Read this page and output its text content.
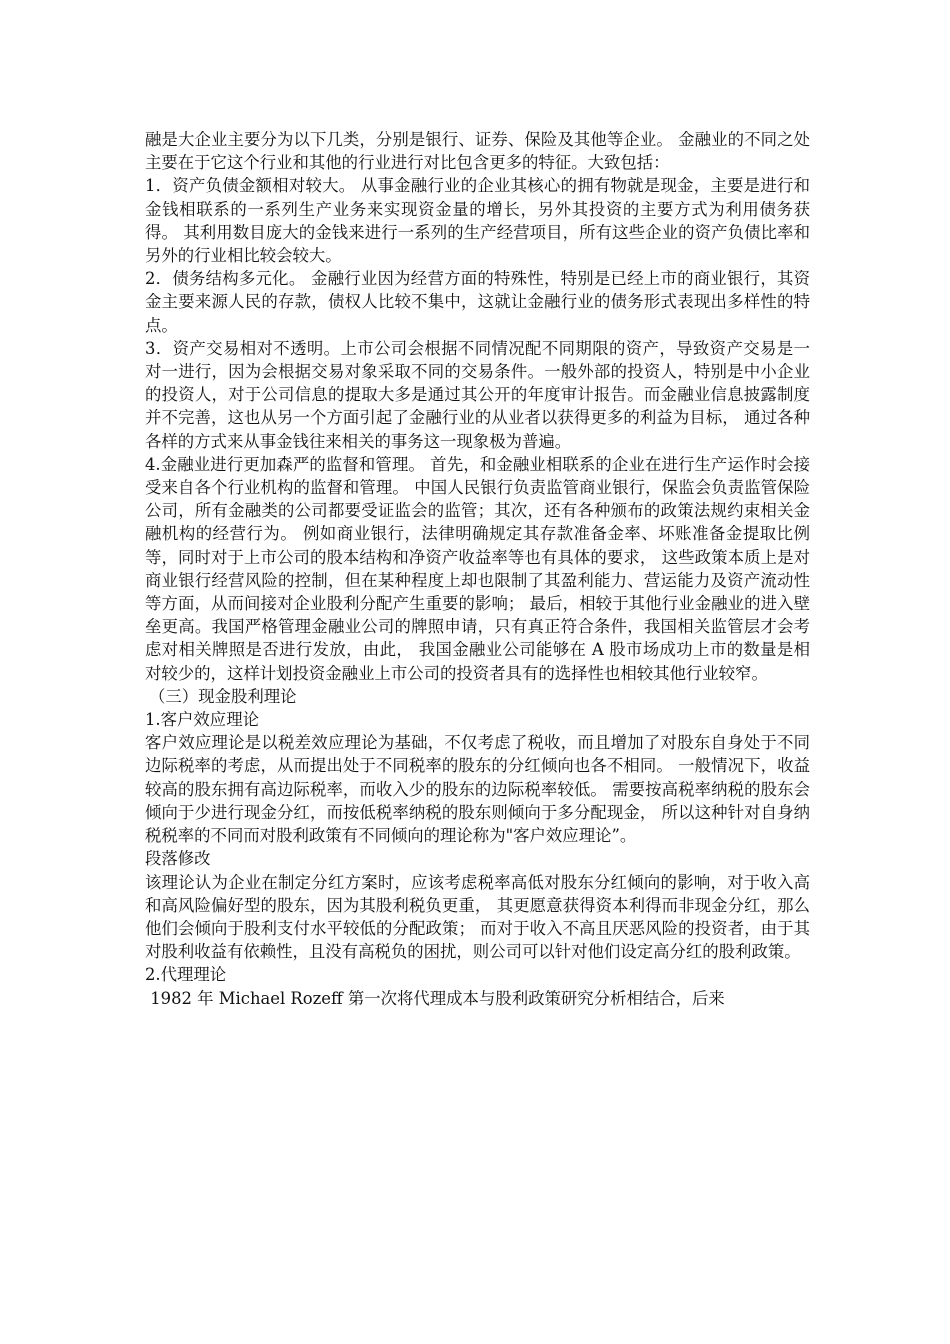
融是大企业主要分为以下几类，分别是银行、证券、保险及其他等企业。 金融业的不同之处主要在于它这个行业和其他的行业进行对比包含更多的特征。大致包括：

1．资产负债金额相对较大。 从事金融行业的企业其核心的拥有物就是现金，主要是进行和金钱相联系的一系列生产业务来实现资金量的增长，另外其投资的主要方式为利用债务获得。 其利用数目庞大的金钱来进行一系列的生产经营项目，所有这些企业的资产负债比率和另外的行业相比较会较大。

2．债务结构多元化。 金融行业因为经营方面的特殊性，特别是已经上市的商业银行，其资金主要来源人民的存款，债权人比较不集中，这就让金融行业的债务形式表现出多样性的特点。

3．资产交易相对不透明。上市公司会根据不同情况配不同期限的资产，导致资产交易是一对一进行，因为会根据交易对象采取不同的交易条件。一般外部的投资人，特别是中小企业的投资人，对于公司信息的提取大多是通过其公开的年度审计报告。而金融业信息披露制度并不完善，这也从另一个方面引起了金融行业的从业者以获得更多的利益为目标， 通过各种各样的方式来从事金钱往来相关的事务这一现象极为普遍。

4.金融业进行更加森严的监督和管理。 首先，和金融业相联系的企业在进行生产运作时会接受来自各个行业机构的监督和管理。 中国人民银行负责监管商业银行，保监会负责监管保险公司，所有金融类的公司都要受证监会的监管；其次，还有各种颁布的政策法规约束相关金融机构的经营行为。 例如商业银行，法律明确规定其存款准备金率、坏账准备金提取比例等，同时对于上市公司的股本结构和净资产收益率等也有具体的要求， 这些政策本质上是对商业银行经营风险的控制，但在某种程度上却也限制了其盈利能力、营运能力及资产流动性等方面，从而间接对企业股利分配产生重要的影响； 最后，相较于其他行业金融业的进入壁垒更高。我国严格管理金融业公司的牌照申请，只有真正符合条件，我国相关监管层才会考虑对相关牌照是否进行发放，由此， 我国金融业公司能够在 A 股市场成功上市的数量是相对较少的，这样计划投资金融业上市公司的投资者具有的选择性也相较其他行业较窄。

（三）现金股利理论

1.客户效应理论

客户效应理论是以税差效应理论为基础，不仅考虑了税收，而且增加了对股东自身处于不同边际税率的考虑，从而提出处于不同税率的股东的分红倾向也各不相同。 一般情况下，收益较高的股东拥有高边际税率，而收入少的股东的边际税率较低。 需要按高税率纳税的股东会倾向于少进行现金分红，而按低税率纳税的股东则倾向于多分配现金， 所以这种针对自身纳税税率的不同而对股利政策有不同倾向的理论称为"客户效应理论”。

段落修改

该理论认为企业在制定分红方案时，应该考虑税率高低对股东分红倾向的影响，对于收入高和高风险偏好型的股东，因为其股利税负更重， 其更愿意获得资本利得而非现金分红，那么他们会倾向于股利支付水平较低的分配政策； 而对于收入不高且厌恶风险的投资者，由于其对股利收益有依赖性，且没有高税负的困扰，则公司可以针对他们设定高分红的股利政策。

2.代理理论

1982 年 Michael Rozeff 第一次将代理成本与股利政策研究分析相结合，后来
